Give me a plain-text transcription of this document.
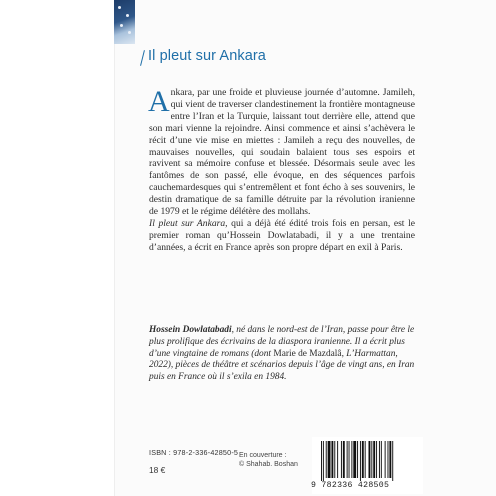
Il pleut sur Ankara

Ankara, par une froide et pluvieuse journée d’automne. Jamileh, qui vient de traverser clandestinement la frontière montagneuse entre l’Iran et la Turquie, laissant tout derrière elle, attend que son mari vienne la rejoindre. Ainsi commence et ainsi s’achèvera le récit d’une vie mise en miettes : Jamileh a reçu des nouvelles, de mauvaises nouvelles, qui soudain balaient tous ses espoirs et ravivent sa mémoire confuse et blessée. Désormais seule avec les fantômes de son passé, elle évoque, en des séquences parfois cauchemardesques qui s’entremêlent et font écho à ses souvenirs, le destin dramatique de sa famille détruite par la révolution iranienne de 1979 et le régime délétère des mollahs.

Il pleut sur Ankara, qui a déjà été édité trois fois en persan, est le premier roman qu’Hossein Dowlatabadi, il y a une trentaine d’années, a écrit en France après son propre départ en exil à Paris.

Hossein Dowlatabadi, né dans le nord-est de l’Iran, passe pour être le plus prolifique des écrivains de la diaspora iranienne. Il a écrit plus d’une vingtaine de romans (dont Marie de Mazdalâ, L’Harmattan, 2022), pièces de théâtre et scénarios depuis l’âge de vingt ans, en Iran puis en France où il s’exila en 1984.
ISBN : 978-2-336-42850-5
18 €
En couverture :
© Shahab. Boshan
9 782336 428505
